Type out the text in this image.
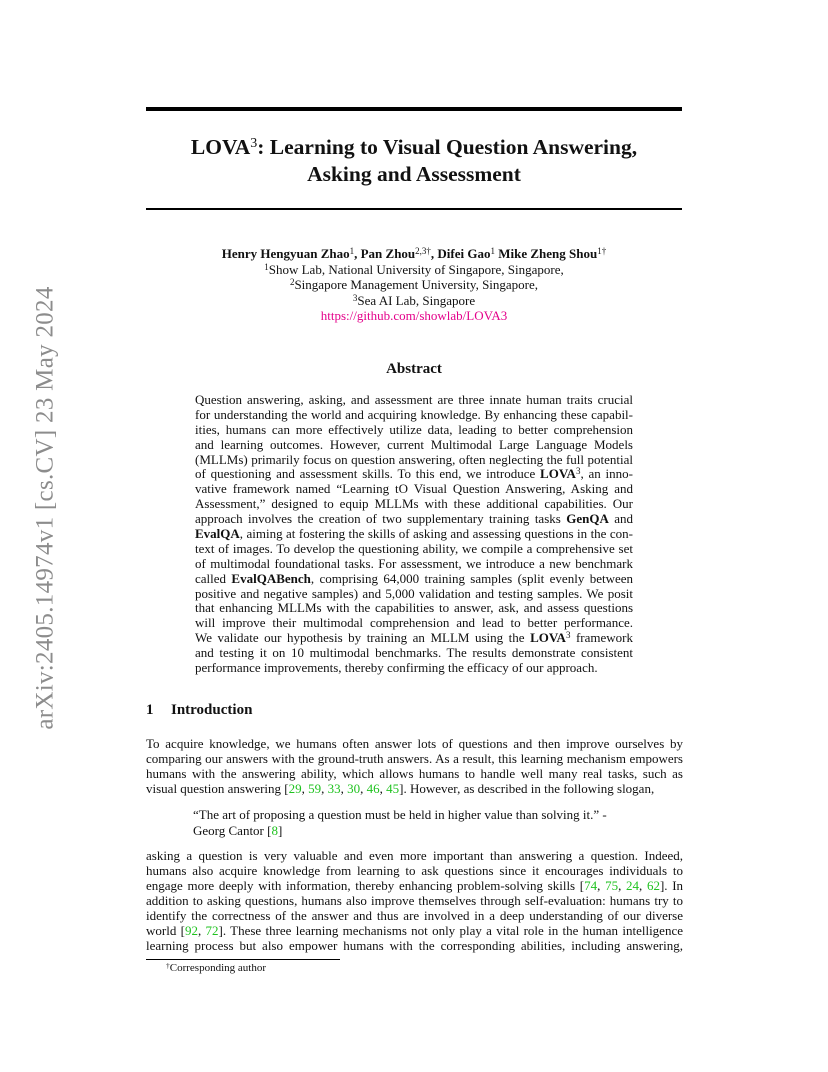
arXiv:2405.14974v1 [cs.CV] 23 May 2024
LOVA$^3$: Learning to Visual Question Answering,
Asking and Assessment
Henry Hengyuan Zhao$^1$, Pan Zhou$^{2,3\dagger}$, Difei Gao$^1$ Mike Zheng Shou$^{1\dagger}$
$^1$Show Lab, National University of Singapore, Singapore,
$^2$Singapore Management University, Singapore,
$^3$Sea AI Lab, Singapore
https://github.com/showlab/LOVA3
Abstract
Question answering, asking, and assessment are three innate human traits crucial
for understanding the world and acquiring knowledge. By enhancing these capabil-
ities, humans can more effectively utilize data, leading to better comprehension
and learning outcomes. However, current Multimodal Large Language Models
(MLLMs) primarily focus on question answering, often neglecting the full potential
of questioning and assessment skills. To this end, we introduce LOVA$^3$, an inno-
vative framework named “Learning tO Visual Question Answering, Asking and
Assessment,” designed to equip MLLMs with these additional capabilities. Our
approach involves the creation of two supplementary training tasks GenQA and
EvalQA, aiming at fostering the skills of asking and assessing questions in the con-
text of images. To develop the questioning ability, we compile a comprehensive set
of multimodal foundational tasks. For assessment, we introduce a new benchmark
called EvalQABench, comprising 64,000 training samples (split evenly between
positive and negative samples) and 5,000 validation and testing samples. We posit
that enhancing MLLMs with the capabilities to answer, ask, and assess questions
will improve their multimodal comprehension and lead to better performance.
We validate our hypothesis by training an MLLM using the LOVA$^3$ framework
and testing it on 10 multimodal benchmarks. The results demonstrate consistent
performance improvements, thereby confirming the efficacy of our approach.
1 Introduction
To acquire knowledge, we humans often answer lots of questions and then improve ourselves by
comparing our answers with the ground-truth answers. As a result, this learning mechanism empowers
humans with the answering ability, which allows humans to handle well many real tasks, such as
visual question answering [29, 59, 33, 30, 46, 45]. However, as described in the following slogan,
“The art of proposing a question must be held in higher value than solving it.” -
Georg Cantor [8]
asking a question is very valuable and even more important than answering a question. Indeed,
humans also acquire knowledge from learning to ask questions since it encourages individuals to
engage more deeply with information, thereby enhancing problem-solving skills [74, 75, 24, 62]. In
addition to asking questions, humans also improve themselves through self-evaluation: humans try to
identify the correctness of the answer and thus are involved in a deep understanding of our diverse
world [92, 72]. These three learning mechanisms not only play a vital role in the human intelligence
learning process but also empower humans with the corresponding abilities, including answering,
†Corresponding author
